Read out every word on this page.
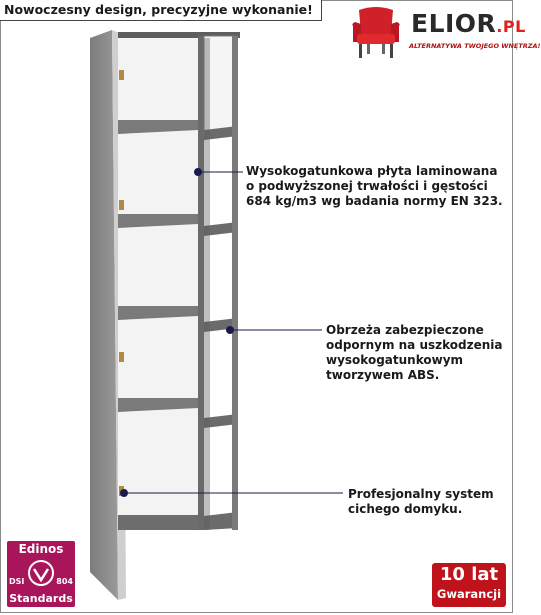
Nowoczesny design, precyzyjne wykonanie!	ELIOR.PL
ALTERNATYWA TWOJEGO WNĘTRZA!
Wysokogatunkowa płyta laminowana
o podwyższonej trwałości i gęstości
684 kg/m3 wg badania normy EN 323.
Obrzeża zabezpieczone
odpornym na uszkodzenia
wysokogatunkowym
tworzywem ABS.
Profesjonalny system
cichego domyku.
Edinos
DSI	804
Standards
10 lat
Gwarancji
